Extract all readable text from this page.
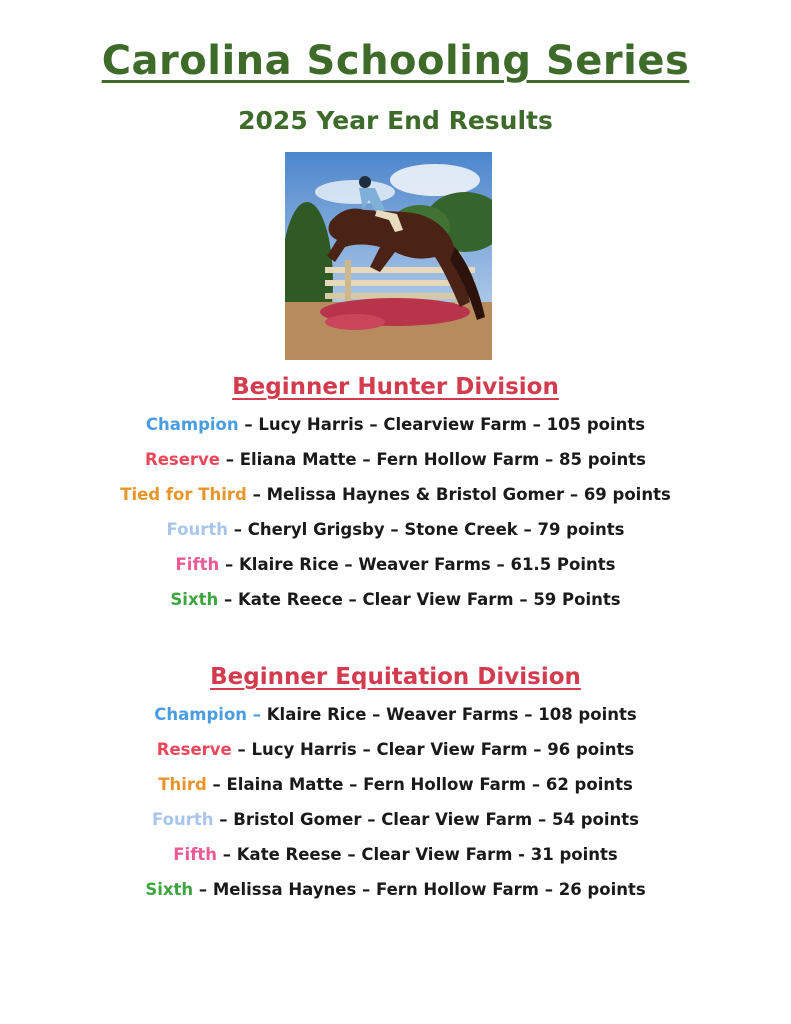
Carolina Schooling Series
2025 Year End Results
Beginner Hunter Division

Champion – Lucy Harris – Clearview Farm – 105 points

Reserve – Eliana Matte – Fern Hollow Farm – 85 points

Tied for Third – Melissa Haynes & Bristol Gomer – 69 points

Fourth – Cheryl Grigsby – Stone Creek – 79 points

Fifth – Klaire Rice – Weaver Farms – 61.5 Points

Sixth – Kate Reece – Clear View Farm – 59 Points

Beginner Equitation Division

Champion – Klaire Rice – Weaver Farms – 108 points

Reserve – Lucy Harris – Clear View Farm – 96 points

Third – Elaina Matte – Fern Hollow Farm – 62 points

Fourth – Bristol Gomer – Clear View Farm – 54 points

Fifth – Kate Reese – Clear View Farm - 31 points

Sixth – Melissa Haynes – Fern Hollow Farm – 26 points
